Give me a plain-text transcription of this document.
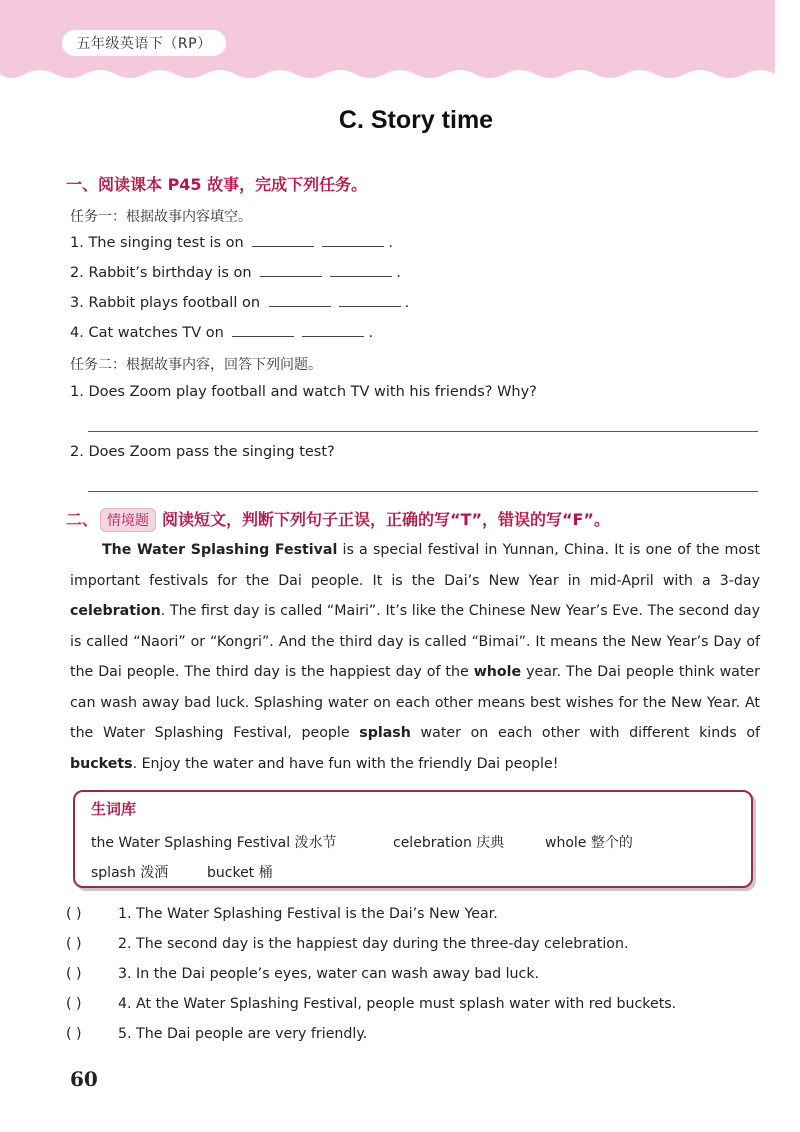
五年级英语下（RP）
C. Story time
一、阅读课本 P45 故事，完成下列任务。
任务一：根据故事内容填空。
1. The singing test is on	.
2. Rabbit’s birthday is on	.
3. Rabbit plays football on	.
4. Cat watches TV on	.
任务二：根据故事内容，回答下列问题。
1. Does Zoom play football and watch TV with his friends? Why?
2. Does Zoom pass the singing test?
二、 情境题 阅读短文，判断下列句子正误，正确的写“T”，错误的写“F”。
The Water Splashing Festival is a special festival in Yunnan, China. It is one of the most important festivals for the Dai people. It is the Dai’s New Year in mid-April with a 3-day celebration. The first day is called “Mairi”. It’s like the Chinese New Year’s Eve. The second day is called “Naori” or “Kongri”. And the third day is called “Bimai”. It means the New Year’s Day of the Dai people. The third day is the happiest day of the whole year. The Dai people think water can wash away bad luck. Splashing water on each other means best wishes for the New Year. At the Water Splashing Festival, people splash water on each other with different kinds of buckets. Enjoy the water and have fun with the friendly Dai people!
生词库
the Water Splashing Festival 泼水节	celebration 庆典	whole 整个的
splash 泼洒	bucket 桶
( )	1. The Water Splashing Festival is the Dai’s New Year.
( )	2. The second day is the happiest day during the three-day celebration.
( )	3. In the Dai people’s eyes, water can wash away bad luck.
( )	4. At the Water Splashing Festival, people must splash water with red buckets.
( )	5. The Dai people are very friendly.
60
